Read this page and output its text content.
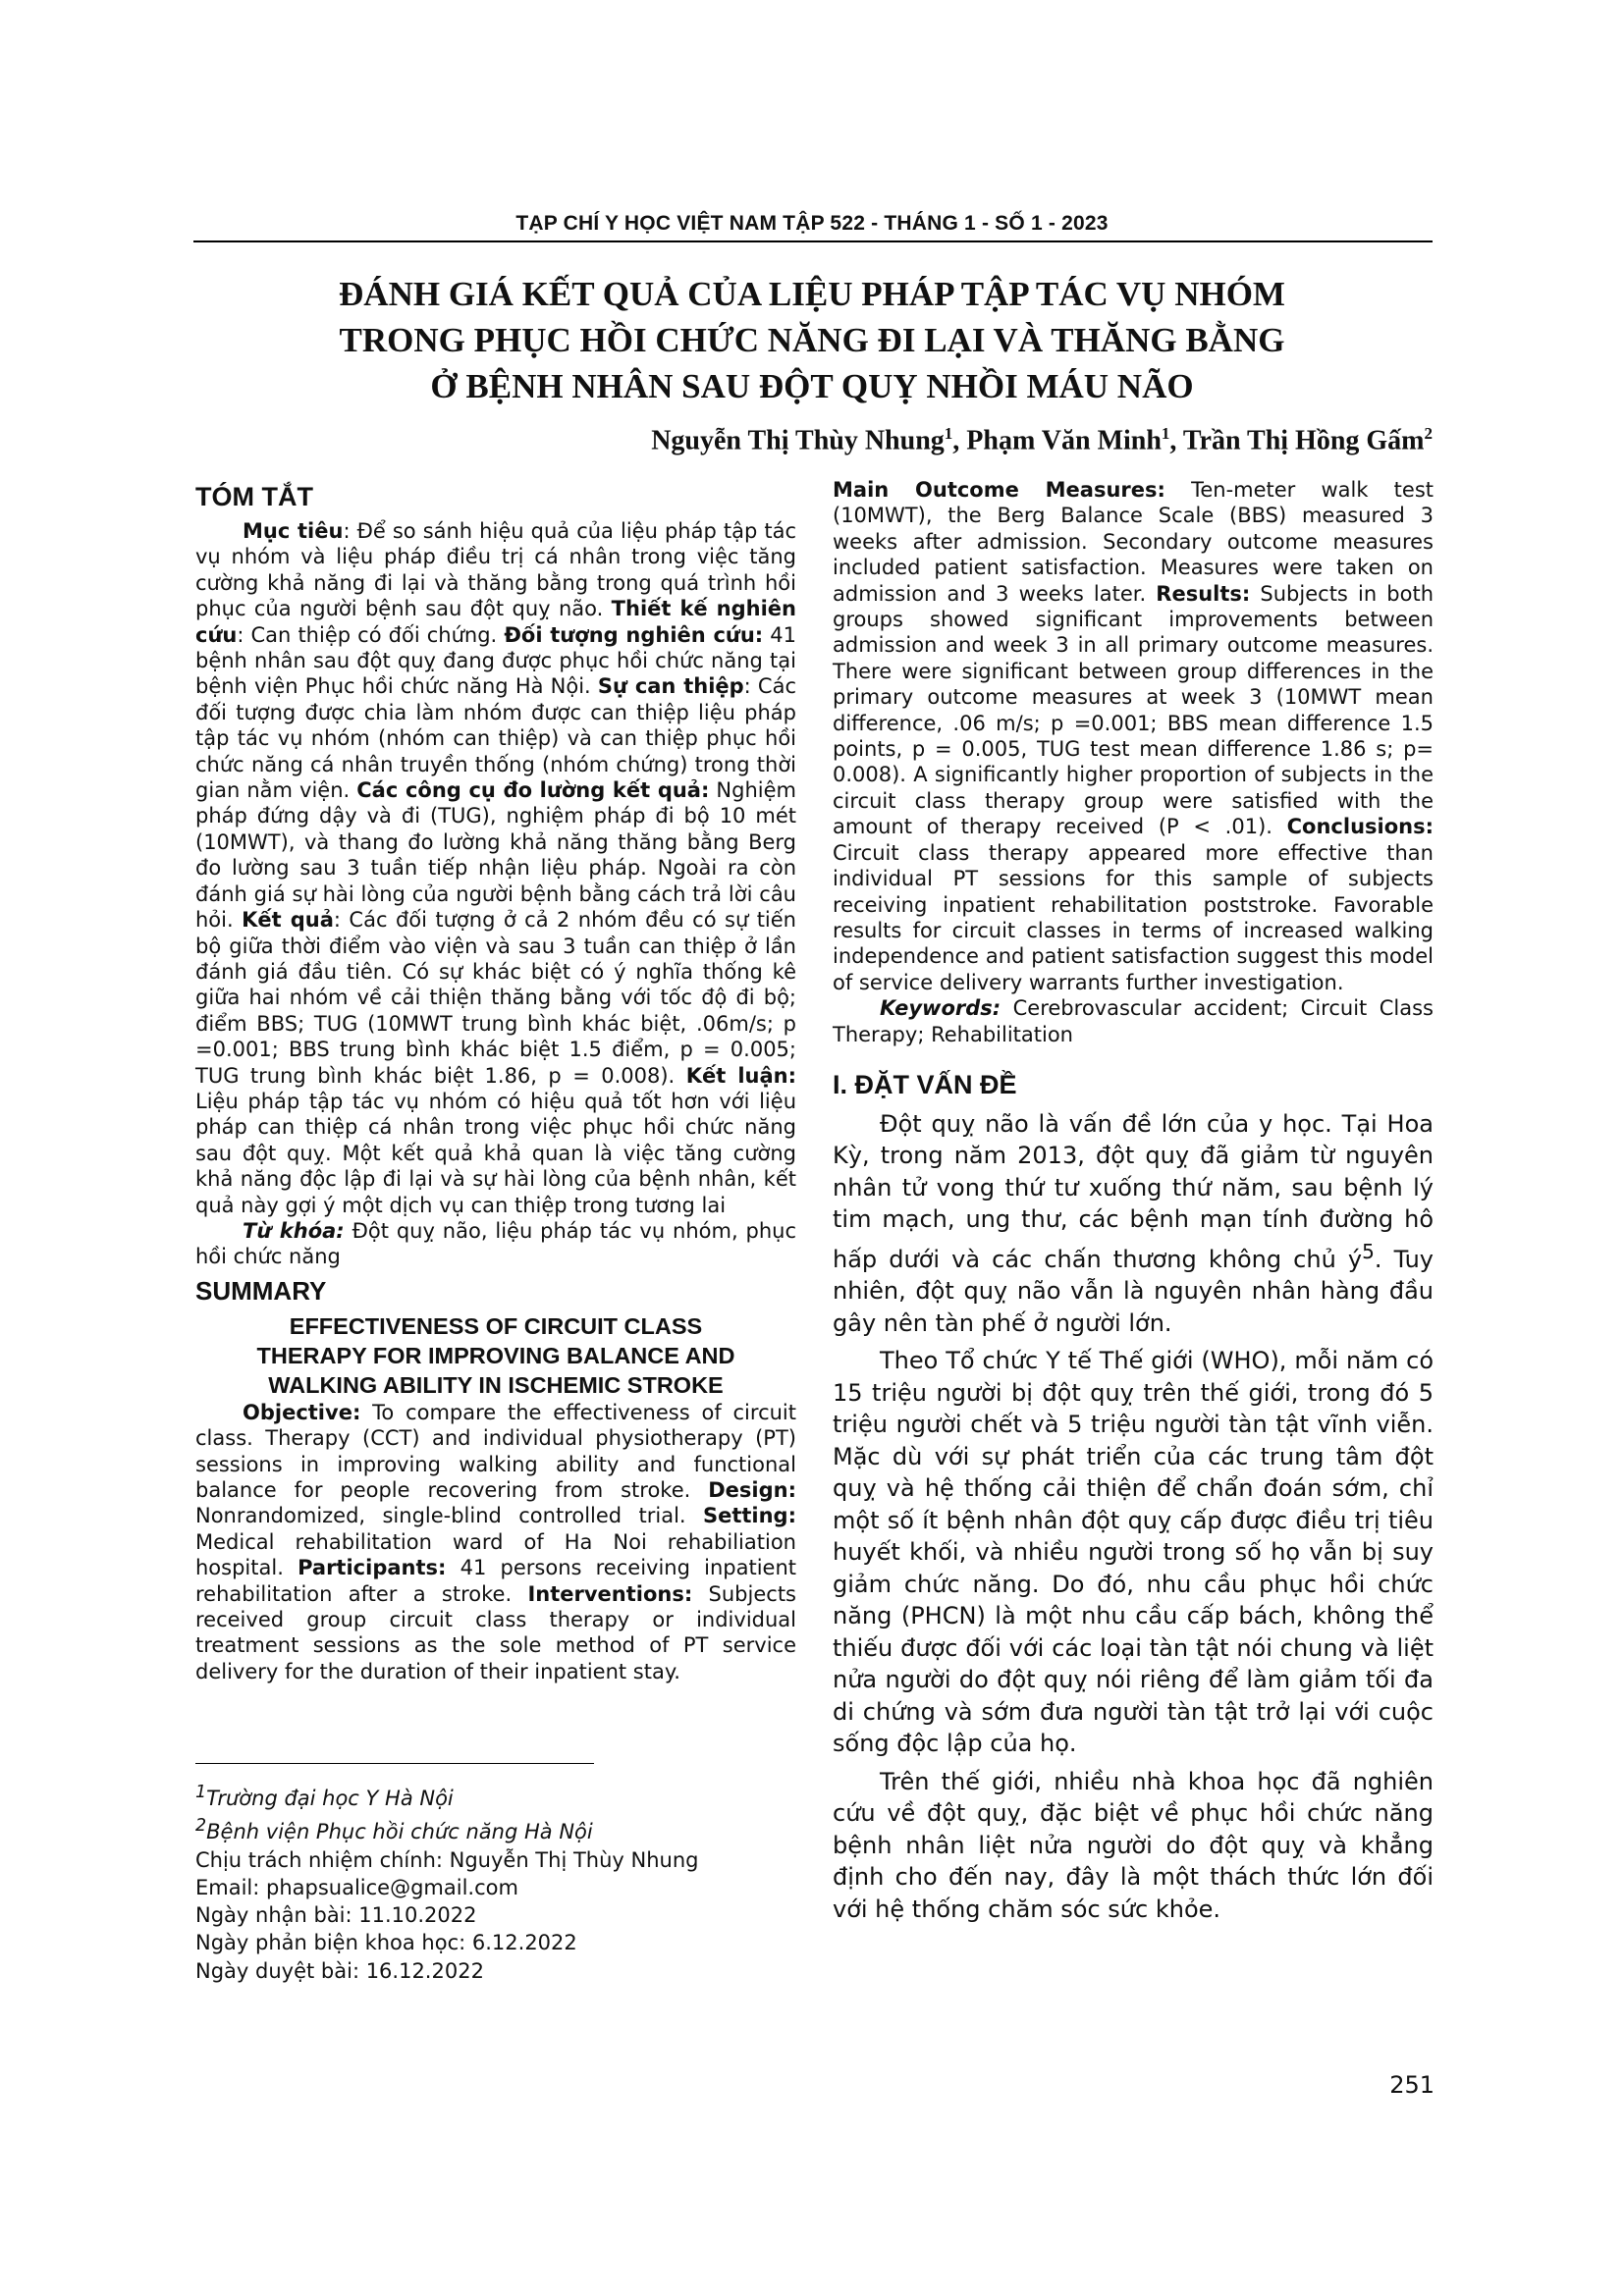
TẠP CHÍ Y HỌC VIỆT NAM TẬP 522 - THÁNG 1 - SỐ 1 - 2023
ĐÁNH GIÁ KẾT QUẢ CỦA LIỆU PHÁP TẬP TÁC VỤ NHÓM
TRONG PHỤC HỒI CHỨC NĂNG ĐI LẠI VÀ THĂNG BẰNG
Ở BỆNH NHÂN SAU ĐỘT QUỴ NHỒI MÁU NÃO
Nguyễn Thị Thùy Nhung$^1$, Phạm Văn Minh$^1$, Trần Thị Hồng Gấm$^2$
TÓM TẮT

Mục tiêu: Để so sánh hiệu quả của liệu pháp tập tác vụ nhóm và liệu pháp điều trị cá nhân trong việc tăng cường khả năng đi lại và thăng bằng trong quá trình hồi phục của người bệnh sau đột quỵ não. Thiết kế nghiên cứu: Can thiệp có đối chứng. Đối tượng nghiên cứu: 41 bệnh nhân sau đột quỵ đang được phục hồi chức năng tại bệnh viện Phục hồi chức năng Hà Nội. Sự can thiệp: Các đối tượng được chia làm nhóm được can thiệp liệu pháp tập tác vụ nhóm (nhóm can thiệp) và can thiệp phục hồi chức năng cá nhân truyền thống (nhóm chứng) trong thời gian nằm viện. Các công cụ đo lường kết quả: Nghiệm pháp đứng dậy và đi (TUG), nghiệm pháp đi bộ 10 mét (10MWT), và thang đo lường khả năng thăng bằng Berg đo lường sau 3 tuần tiếp nhận liệu pháp. Ngoài ra còn đánh giá sự hài lòng của người bệnh bằng cách trả lời câu hỏi. Kết quả: Các đối tượng ở cả 2 nhóm đều có sự tiến bộ giữa thời điểm vào viện và sau 3 tuần can thiệp ở lần đánh giá đầu tiên. Có sự khác biệt có ý nghĩa thống kê giữa hai nhóm về cải thiện thăng bằng với tốc độ đi bộ; điểm BBS; TUG (10MWT trung bình khác biệt, .06m/s; p =0.001; BBS trung bình khác biệt 1.5 điểm, p = 0.005; TUG trung bình khác biệt 1.86, p = 0.008). Kết luận: Liệu pháp tập tác vụ nhóm có hiệu quả tốt hơn với liệu pháp can thiệp cá nhân trong việc phục hồi chức năng sau đột quỵ. Một kết quả khả quan là việc tăng cường khả năng độc lập đi lại và sự hài lòng của bệnh nhân, kết quả này gợi ý một dịch vụ can thiệp trong tương lai

Từ khóa: Đột quỵ não, liệu pháp tác vụ nhóm, phục hồi chức năng

SUMMARY

EFFECTIVENESS OF CIRCUIT CLASS

THERAPY FOR IMPROVING BALANCE AND

WALKING ABILITY IN ISCHEMIC STROKE

Objective: To compare the effectiveness of circuit class. Therapy (CCT) and individual physiotherapy (PT) sessions in improving walking ability and functional balance for people recovering from stroke. Design: Nonrandomized, single-blind controlled trial. Setting: Medical rehabilitation ward of Ha Noi rehabiliation hospital. Participants: 41 persons receiving inpatient rehabilitation after a stroke. Interventions: Subjects received group circuit class therapy or individual treatment sessions as the sole method of PT service delivery for the duration of their inpatient stay.

$^1$Trường đại học Y Hà Nội
$^2$Bệnh viện Phục hồi chức năng Hà Nội
Chịu trách nhiệm chính: Nguyễn Thị Thùy Nhung
Email: phapsualice@gmail.com
Ngày nhận bài: 11.10.2022
Ngày phản biện khoa học: 6.12.2022
Ngày duyệt bài: 16.12.2022

Main Outcome Measures: Ten-meter walk test (10MWT), the Berg Balance Scale (BBS) measured 3 weeks after admission. Secondary outcome measures included patient satisfaction. Measures were taken on admission and 3 weeks later. Results: Subjects in both groups showed significant improvements between admission and week 3 in all primary outcome measures. There were significant between group differences in the primary outcome measures at week 3 (10MWT mean difference, .06 m/s; p =0.001; BBS mean difference 1.5 points, p = 0.005, TUG test mean difference 1.86 s; p= 0.008). A significantly higher proportion of subjects in the circuit class therapy group were satisfied with the amount of therapy received (P < .01). Conclusions: Circuit class therapy appeared more effective than individual PT sessions for this sample of subjects receiving inpatient rehabilitation poststroke. Favorable results for circuit classes in terms of increased walking independence and patient satisfaction suggest this model of service delivery warrants further investigation.

Keywords: Cerebrovascular accident; Circuit Class Therapy; Rehabilitation

I. ĐẶT VẤN ĐỀ

Đột quỵ não là vấn đề lớn của y học. Tại Hoa Kỳ, trong năm 2013, đột quỵ đã giảm từ nguyên nhân tử vong thứ tư xuống thứ năm, sau bệnh lý tim mạch, ung thư, các bệnh mạn tính đường hô hấp dưới và các chấn thương không chủ $ý^5$. Tuy nhiên, đột quỵ não vẫn là nguyên nhân hàng đầu gây nên tàn phế ở người lớn.

Theo Tổ chức Y tế Thế giới (WHO), mỗi năm có 15 triệu người bị đột quỵ trên thế giới, trong đó 5 triệu người chết và 5 triệu người tàn tật vĩnh viễn. Mặc dù với sự phát triển của các trung tâm đột quỵ và hệ thống cải thiện để chẩn đoán sớm, chỉ một số ít bệnh nhân đột quỵ cấp được điều trị tiêu huyết khối, và nhiều người trong số họ vẫn bị suy giảm chức năng. Do đó, nhu cầu phục hồi chức năng (PHCN) là một nhu cầu cấp bách, không thể thiếu được đối với các loại tàn tật nói chung và liệt nửa người do đột quỵ nói riêng để làm giảm tối đa di chứng và sớm đưa người tàn tật trở lại với cuộc sống độc lập của họ.

Trên thế giới, nhiều nhà khoa học đã nghiên cứu về đột quỵ, đặc biệt về phục hồi chức năng bệnh nhân liệt nửa người do đột quỵ và khẳng định cho đến nay, đây là một thách thức lớn đối với hệ thống chăm sóc sức khỏe.

251
